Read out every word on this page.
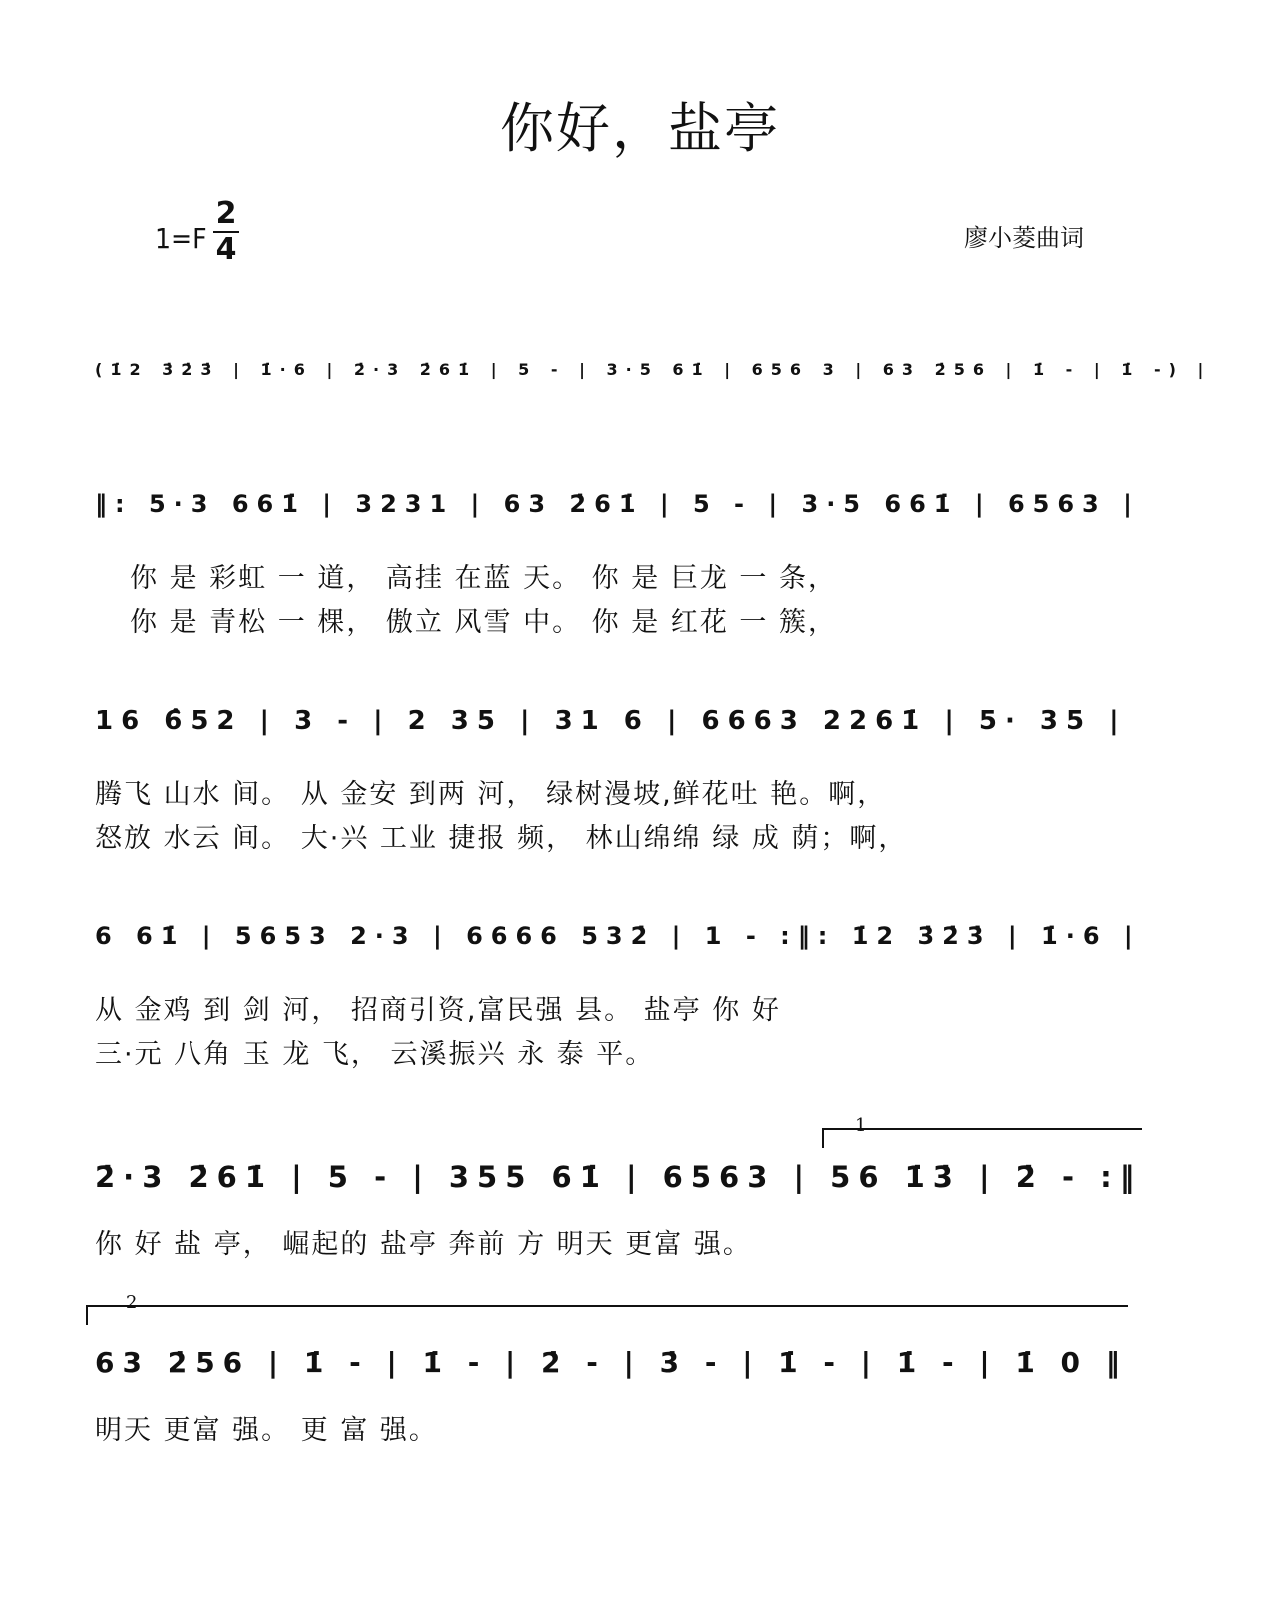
你好，盐亭
1=F
2
4	廖小菱曲词
(1̇2 3̇2̇3̇ | 1̇·6 | 2̇·3 2̇61̇ | 5 - | 3·5 61̇ | 656 3 | 63 2̇56 | 1̇ - | 1̇ -) |
‖: 5·3 661̇ | 3231 | 63 2̇61̇ | 5 - | 3·5 661̇ | 6563 |
你 是 彩虹 一 道， 高挂 在蓝 天。 你 是 巨龙 一 条，
你 是 青松 一 棵， 傲立 风雪 中。 你 是 红花 一 簇，
16 6̂52 | 3 - | 2 35 | 31 6 | 6663 2261̇ | 5· 35 |
腾飞 山水 间。 从 金安 到两 河， 绿树漫坡,鲜花吐 艳。啊，
怒放 水云 间。 大·兴 工业 捷报 频， 林山绵绵 绿 成 荫；啊，
6 61̇ | 5653 2·3 | 6666 532̇ | 1 - :‖: 1̇2 3̇2̇3̇ | 1̇·6 |
从 金鸡 到 剑 河， 招商引资,富民强 县。 盐亭 你 好
三·元 八角 玉 龙 飞， 云溪振兴 永 泰 平。
1
2̇·3 2̇61̇ | 5 - | 355 61̇ | 6563 | 56 1̇3̇ | 2̇ - :‖
你 好 盐 亭， 崛起的 盐亭 奔前 方 明天 更富 强。
2
63 2̇56 | 1̇ - | 1̇ - | 2̇ - | 3̇ - | 1̇ - | 1̇ - | 1̇ 0 ‖
明天 更富 强。 更 富 强。
